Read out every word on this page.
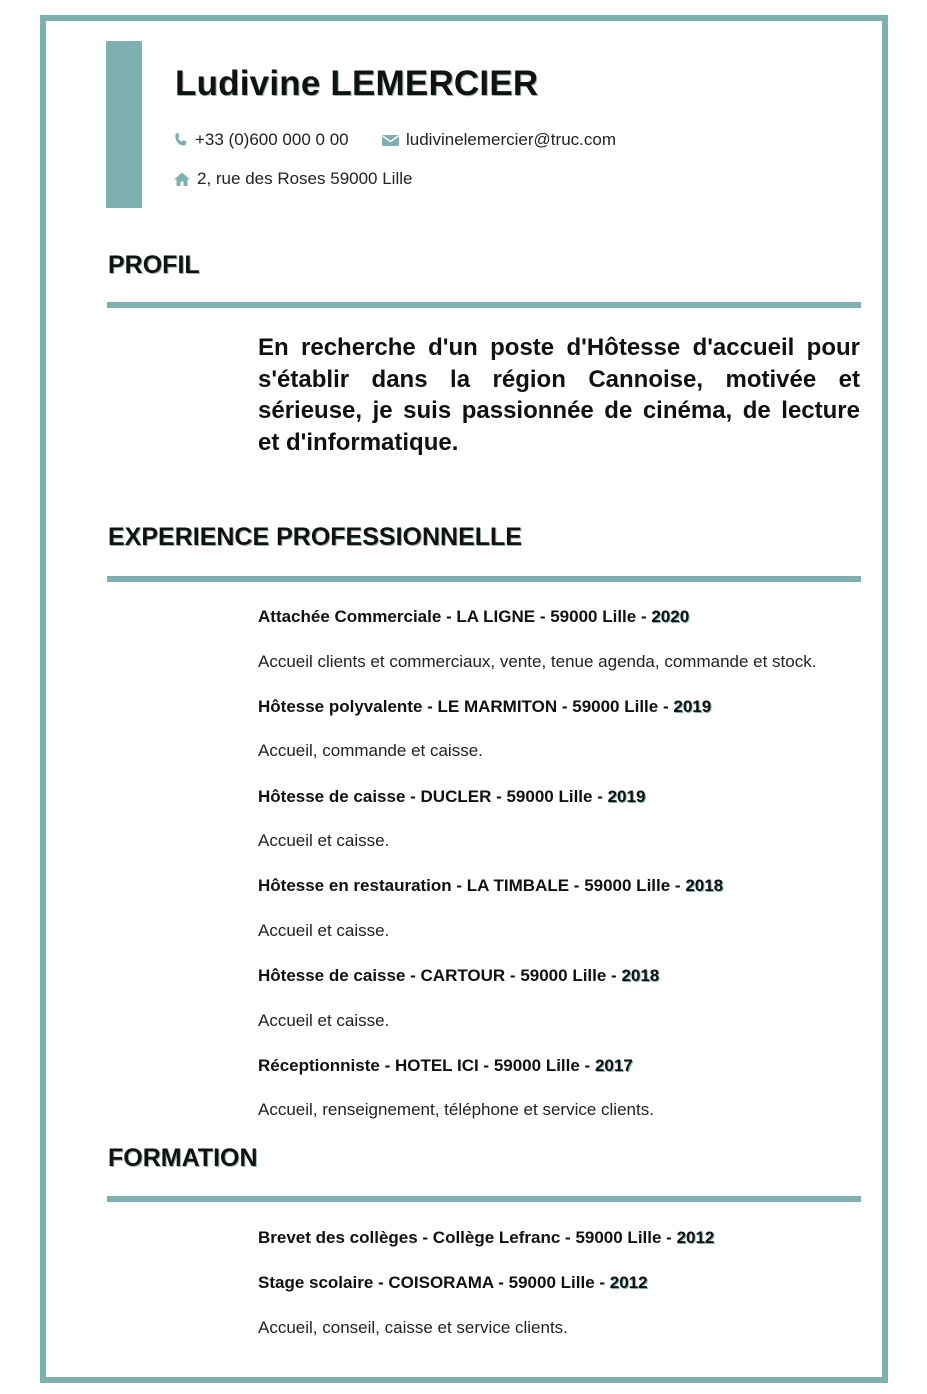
Ludivine LEMERCIER
+33 (0)600 000 0 00	ludivinelemercier@truc.com
2, rue des Roses 59000 Lille
PROFIL

En recherche d'un poste d'Hôtesse d'accueil pour s'établir dans la région Cannoise, motivée et sérieuse, je suis passionnée de cinéma, de lecture et d'informatique.

EXPERIENCE PROFESSIONNELLE

Attachée Commerciale - LA LIGNE - 59000 Lille - 2020

Accueil clients et commerciaux, vente, tenue agenda, commande et stock.

Hôtesse polyvalente - LE MARMITON - 59000 Lille - 2019

Accueil, commande et caisse.

Hôtesse de caisse - DUCLER - 59000 Lille - 2019

Accueil et caisse.

Hôtesse en restauration - LA TIMBALE - 59000 Lille - 2018

Accueil et caisse.

Hôtesse de caisse - CARTOUR - 59000 Lille - 2018

Accueil et caisse.

Réceptionniste - HOTEL ICI - 59000 Lille - 2017

Accueil, renseignement, téléphone et service clients.

FORMATION

Brevet des collèges - Collège Lefranc - 59000 Lille - 2012

Stage scolaire - COISORAMA - 59000 Lille - 2012

Accueil, conseil, caisse et service clients.
